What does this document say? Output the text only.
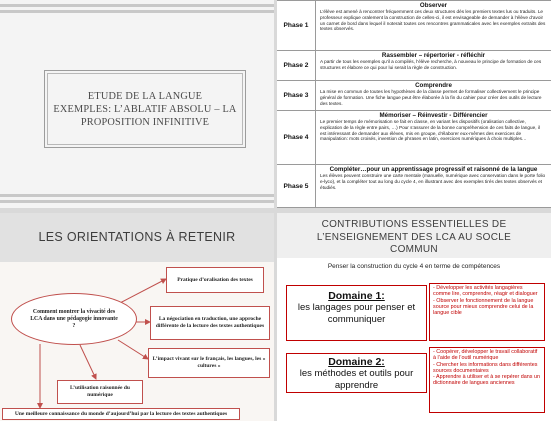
ETUDE DE LA LANGUE
EXEMPLES: L’ABLATIF ABSOLU – LA
PROPOSITION INFINITIVE
Phase 1
Observer
L’élève est amené à rencontrer fréquemment ces deux structures dès les premiers textes lus ou traduits. Le professeur explique oralement la construction de celles-ci, il est envisageable de demander à l’élève d’avoir un carnet de bord dans lequel il noterait toutes ces rencontres grammaticales avec les exemples extraits des textes observés.
Phase 2
Rassembler – répertorier - réfléchir
A partir de tous les exemples qu’il a compilés, l’élève recherche, à nouveau le principe de formation de ces structures et élabore ce qui pour lui serait la règle de construction.
Phase 3
Comprendre
La mise en commun de toutes les hypothèses de la classe permet de formaliser collectivement le principe général de formation. Une fiche langue peut être élaborée à la fin du cahier pour créer des outils de lecture des textes.
Phase 4
Mémoriser – Réinvestir - Différencier
Le premier temps de mémorisation se fait en classe, en variant les dispositifs (oralisation collective, explication de la règle entre pairs, …) Pour s’assurer de la bonne compréhension de ces faits de langue, il est intéressant de demander aux élèves, mis en groupe, d’élaborer eux-mêmes des exercices de manipulation: mots croisés, invention de phrases en latin, exercices numériques à choix multiples…
Phase 5
Compléter…pour un apprentissage progressif et raisonné de la langue
Les élèves peuvent construire une carte mentale (manuelle, numérique avec conservation dans le porte folio e-lyco), et la compléter tout au long du cycle 4, en illustrant avec des exemples tirés des textes observés et étudiés.
LES ORIENTATIONS À RETENIR
Comment montrer la vivacité des LCA dans une pédagogie innovante ?
Pratique d’oralisation des textes
La négociation en traduction, une approche différente de la lecture des textes authentiques
L’impact vivant sur le français, les langues, les « cultures »
L’utilisation raisonnée du numérique
Une meilleure connaissance du monde d’aujourd’hui par la lecture des textes authentiques
CONTRIBUTIONS ESSENTIELLES DE
L’ENSEIGNEMENT DES LCA AU SOCLE
COMMUN
Penser la construction du cycle 4 en terme de compétences
Domaine 1:
les langages pour penser et communiquer
- Développer les activités langagières comme lire, comprendre, réagir et dialoguer
- Observer le fonctionnement de la langue source pour mieux comprendre celui de la langue cible
Domaine 2:
les méthodes et outils pour apprendre
- Coopérer, développer le travail collaboratif à l’aide de l’outil numérique
- Chercher les informations dans différentes sources documentaires
- Apprendre à utiliser et à se repérer dans un dictionnaire de langues anciennes
